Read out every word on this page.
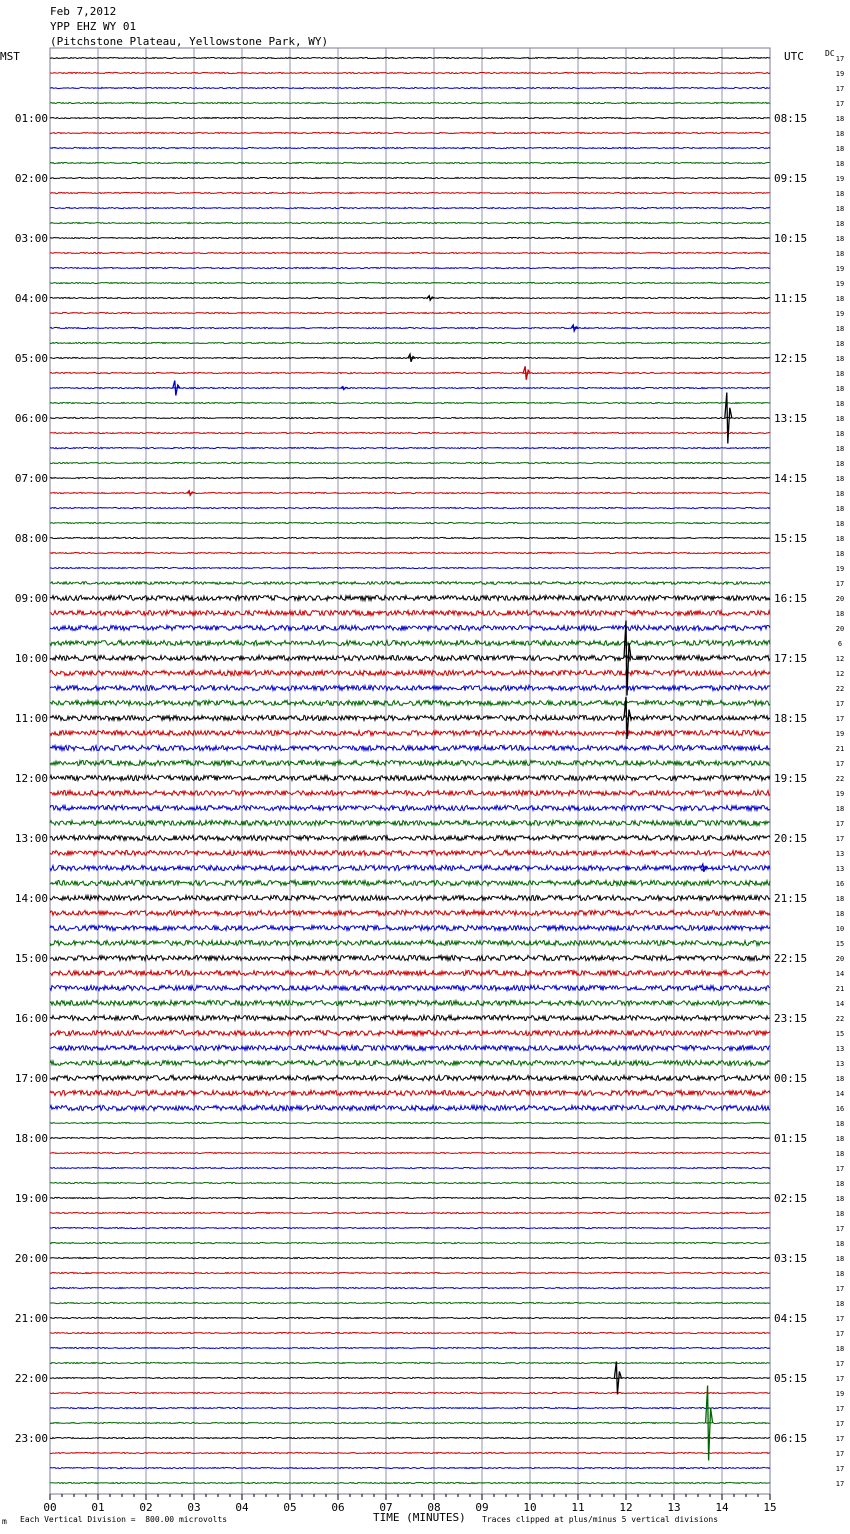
Feb 7,2012
YPP EHZ WY 01
(Pitchstone Plateau, Yellowstone Park, WY)
MST	UTC	DC
01:00
02:00
03:00
04:00
05:00
06:00
07:00
08:00
09:00
10:00
11:00
12:00
13:00
14:00
15:00
16:00
17:00
18:00
19:00
20:00
21:00
22:00
23:00
08:15
09:15
10:15
11:15
12:15
13:15
14:15
15:15
16:15
17:15
18:15
19:15
20:15
21:15
22:15
23:15
00:15
01:15
02:15
03:15
04:15
05:15
06:15
17
19
17
17
18
18
18
18
19
18
18
18
18
18
19
19
18
19
18
18
18
18
18
18
18
18
18
18
18
18
18
18
18
18
19
17
20
18
20
6
12
12
22
17
17
19
21
17
22
19
18
17
17
13
13
16
18
18
10
15
20
14
21
14
22
15
13
13
18
14
16
18
18
18
17
18
18
18
17
18
18
18
17
18
17
17
18
17
17
19
17
17
17
17
17
17
00	01	02	03	04	05	06	07	08	09	10	11	12	13	14	15
TIME (MINUTES)
m Each Vertical Division =  800.00 microvolts	Traces clipped at plus/minus 5 vertical divisions
